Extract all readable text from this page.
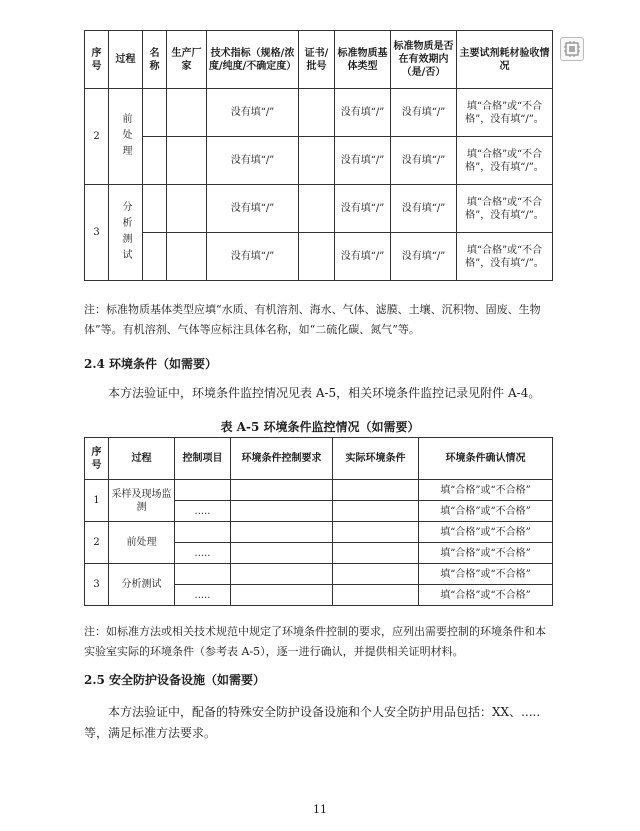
序号	过程	名称	生产厂家	技术指标（规格/浓度/纯度/不确定度）	证书/批号	标准物质基体类型	标准物质是否在有效期内（是/否）	主要试剂耗材验收情况
2	前处理			没有填“/”		没有填“/”	没有填“/”	填“合格”或“不合格”，没有填“/”。
				没有填“/”		没有填“/”	没有填“/”	填“合格”或“不合格”，没有填“/”。
3	分析测试			没有填“/”		没有填“/”	没有填“/”	填“合格”或“不合格”，没有填“/”。
				没有填“/”		没有填“/”	没有填“/”	填“合格”或“不合格”，没有填“/”。
注：标准物质基体类型应填“水质、有机溶剂、海水、气体、滤膜、土壤、沉积物、固废、生物体”等。有机溶剂、气体等应标注具体名称，如“二硫化碳、氮气”等。
2.4 环境条件（如需要）
本方法验证中，环境条件监控情况见表 A-5，相关环境条件监控记录见附件 A-4。
表 A-5 环境条件监控情况（如需要）
序号	过程	控制项目	环境条件控制要求	实际环境条件	环境条件确认情况
1	采样及现场监测				填“合格”或“不合格”
		.....			填“合格”或“不合格”
2	前处理				填“合格”或“不合格”
		.....			填“合格”或“不合格”
3	分析测试				填“合格”或“不合格”
		.....			填“合格”或“不合格”
注：如标准方法或相关技术规范中规定了环境条件控制的要求，应列出需要控制的环境条件和本实验室实际的环境条件（参考表 A-5），逐一进行确认，并提供相关证明材料。
2.5 安全防护设备设施（如需要）
本方法验证中，配备的特殊安全防护设备设施和个人安全防护用品包括：XX、.....等，满足标准方法要求。
11
